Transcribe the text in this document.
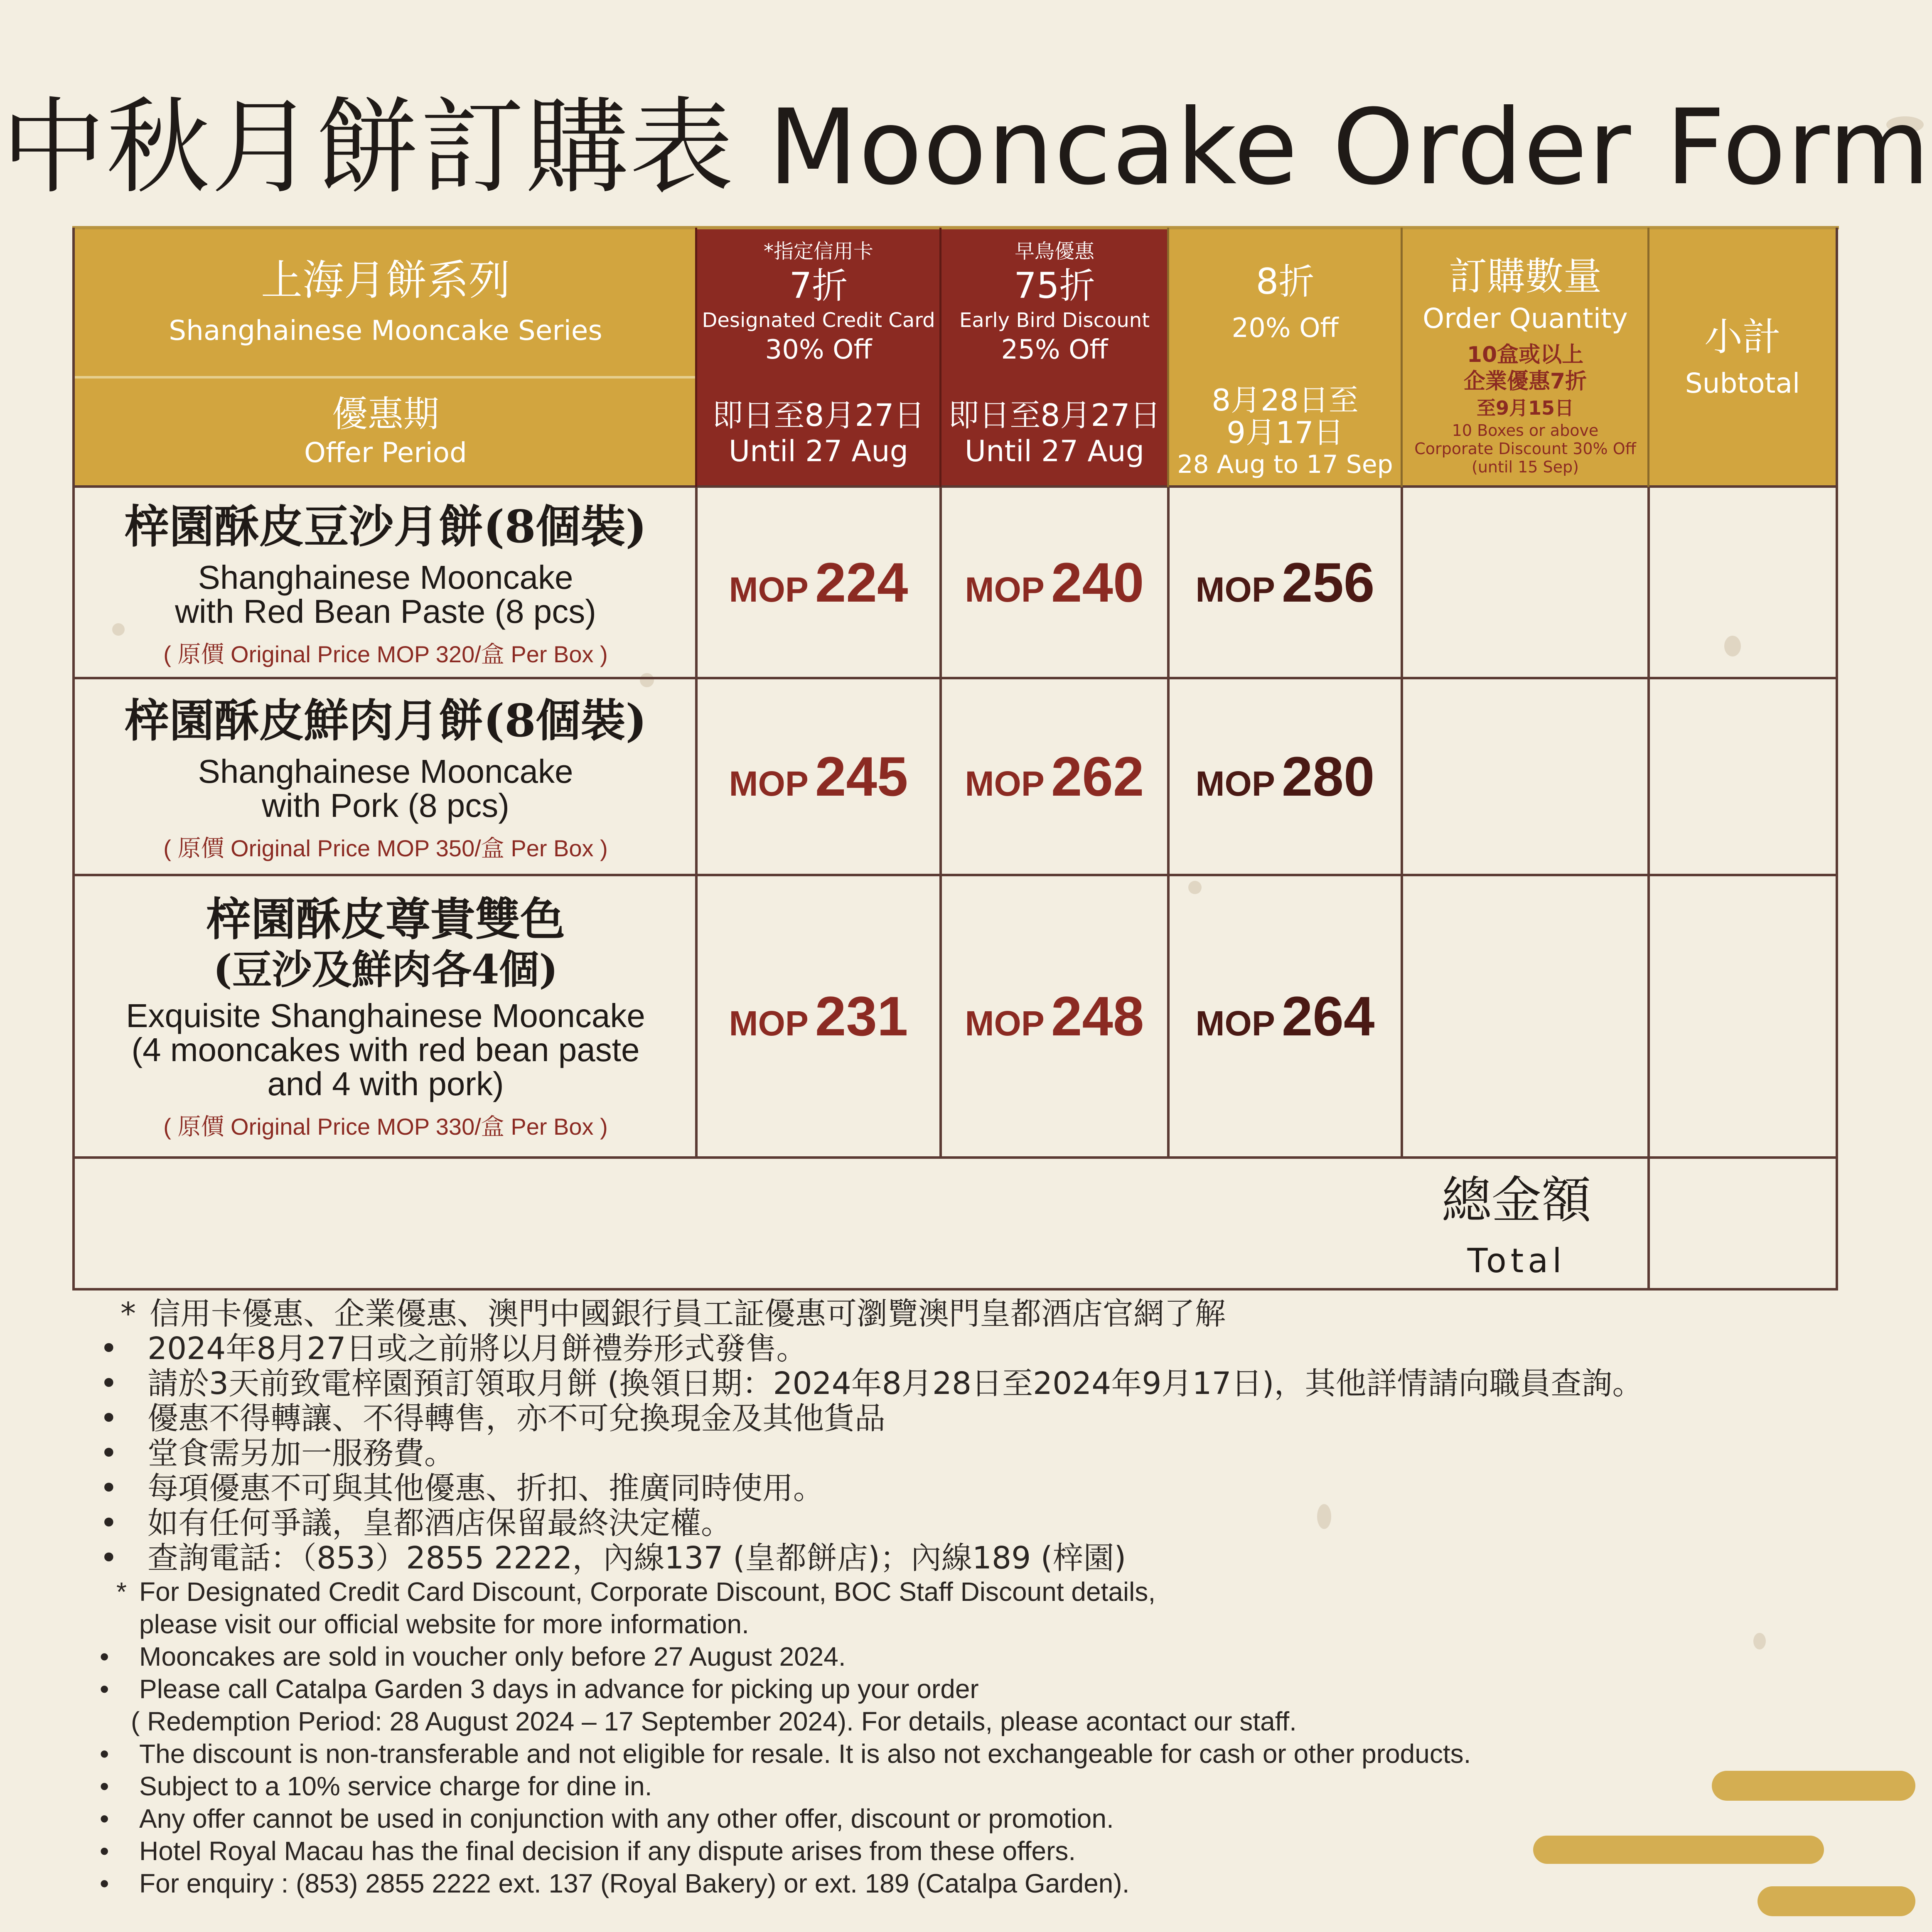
中秋月餅訂購表 Mooncake Order Form
上海月餅系列
Shanghainese Mooncake Series
*指定信用卡
7折
Designated Credit Card
30% Off
早鳥優惠
75折
Early Bird Discount
25% Off
8折
20% Off
訂購數量
Order Quantity
10盒或以上
企業優惠7折
至9月15日
10 Boxes or above
Corporate Discount 30% Off
(until 15 Sep)
小計
Subtotal
優惠期
Offer Period
即日至8月27日
Until 27 Aug
即日至8月27日
Until 27 Aug
8月28日至
9月17日
28 Aug to 17 Sep
梓園酥皮豆沙月餅(8個裝)
Shanghainese Mooncake
with Red Bean Paste (8 pcs)
( 原價 Original Price MOP 320/盒 Per Box )
MOP 224 MOP 240 MOP 256
梓園酥皮鮮肉月餅(8個裝)
Shanghainese Mooncake
with Pork (8 pcs)
( 原價 Original Price MOP 350/盒 Per Box )
MOP 245 MOP 262 MOP 280
梓園酥皮尊貴雙色
(豆沙及鮮肉各4個)
Exquisite Shanghainese Mooncake
(4 mooncakes with red bean paste
and 4 with pork)
( 原價 Original Price MOP 330/盒 Per Box )
MOP 231 MOP 248 MOP 264
總金額
Total
* 信用卡優惠、企業優惠、澳門中國銀行員工証優惠可瀏覽澳門皇都酒店官網了解
• 2024年8月27日或之前將以月餅禮券形式發售。
• 請於3天前致電梓園預訂領取月餅 (換領日期：2024年8月28日至2024年9月17日)，其他詳情請向職員查詢。
• 優惠不得轉讓、不得轉售，亦不可兌換現金及其他貨品
• 堂食需另加一服務費。
• 每項優惠不可與其他優惠、折扣、推廣同時使用。
• 如有任何爭議，皇都酒店保留最終決定權。
• 查詢電話：（853）2855 2222，內線137 (皇都餅店)；內線189 (梓園)
* For Designated Credit Card Discount, Corporate Discount, BOC Staff Discount details,
please visit our official website for more information.
• Mooncakes are sold in voucher only before 27 August 2024.
• Please call Catalpa Garden 3 days in advance for picking up your order
( Redemption Period: 28 August 2024 – 17 September 2024). For details, please acontact our staff.
• The discount is non-transferable and not eligible for resale. It is also not exchangeable for cash or other products.
• Subject to a 10% service charge for dine in.
• Any offer cannot be used in conjunction with any other offer, discount or promotion.
• Hotel Royal Macau has the final decision if any dispute arises from these offers.
• For enquiry : (853) 2855 2222 ext. 137 (Royal Bakery) or ext. 189 (Catalpa Garden).
